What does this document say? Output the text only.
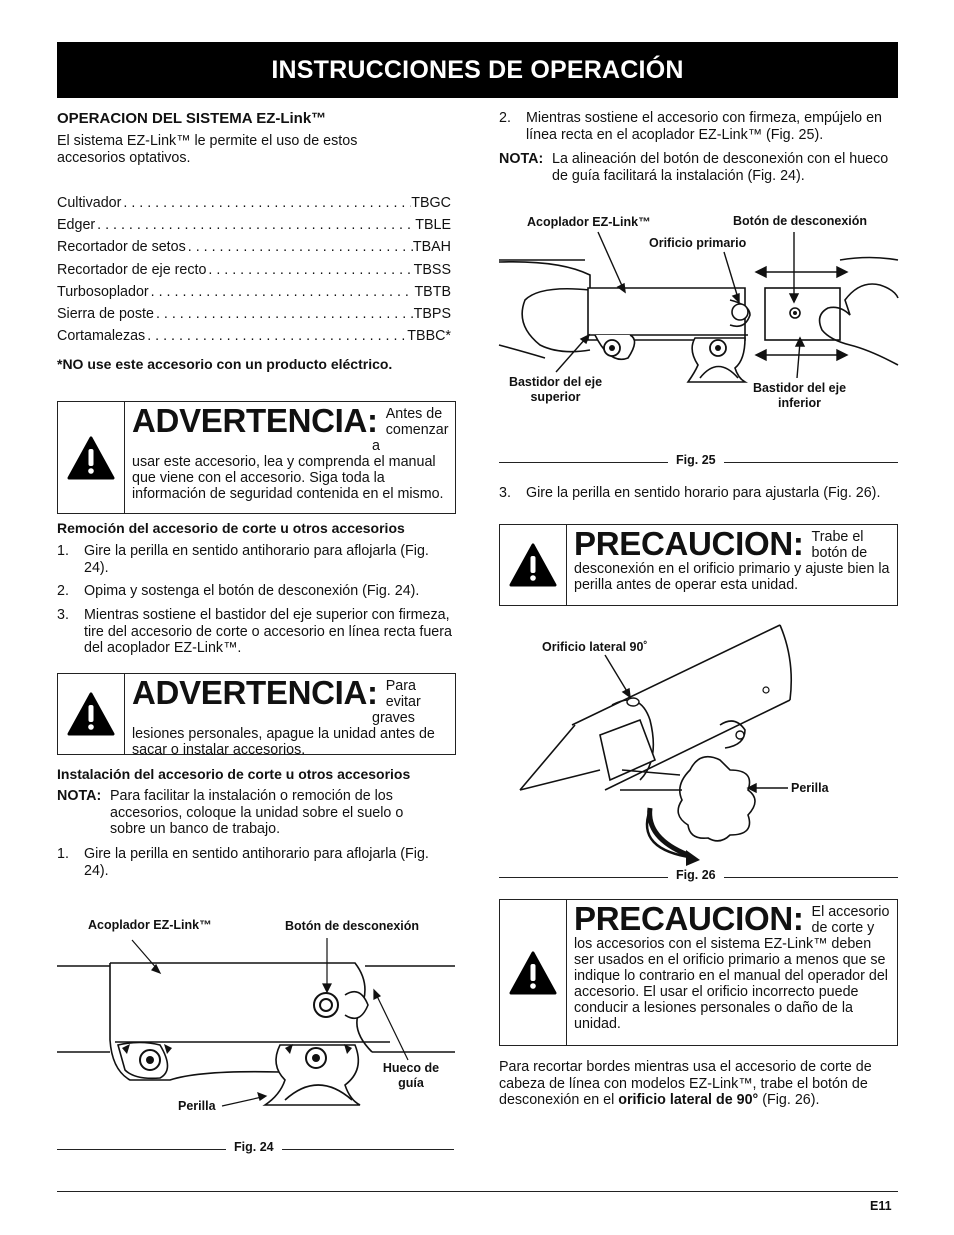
INSTRUCCIONES DE OPERACIÓN
OPERACION DEL SISTEMA EZ-Link™
El sistema EZ-Link™ le permite el uso de estos accesorios optativos.
Cultivador . . .	TBGC
Edger . . .	TBLE
Recortador de setos . . .	TBAH
Recortador de eje recto . . .	TBSS
Turbosoplador . . .	TBTB
Sierra de poste . . .	TBPS
Cortamalezas . . .	TBBC*
*NO use este accesorio con un producto eléctrico.
ADVERTENCIA: Antes de comenzar a
usar este accesorio, lea y comprenda el manual que viene con el accesorio. Siga toda la información de seguridad contenida en el mismo.
Remoción del accesorio de corte u otros accesorios
1. Gire la perilla en sentido antihorario para aflojarla (Fig. 24).
2. Opima y sostenga el botón de desconexión (Fig. 24).
3. Mientras sostiene el bastidor del eje superior con firmeza, tire del accesorio de corte o accesorio en línea recta fuera del acoplador EZ-Link™.
ADVERTENCIA: Para evitar graves
lesiones personales, apague la unidad antes de sacar o instalar accesorios.
Instalación del accesorio de corte u otros accesorios
NOTA: Para facilitar la instalación o remoción de los accesorios, coloque la unidad sobre el suelo o sobre un banco de trabajo.
1. Gire la perilla en sentido antihorario para aflojarla (Fig. 24).
Acoplador EZ-Link™	Botón de desconexión
Hueco de guía
Perilla
Fig. 24
2. Mientras sostiene el accesorio con firmeza, empújelo en línea recta en el acoplador EZ-Link™ (Fig. 25).
NOTA: La alineación del botón de desconexión con el hueco de guía facilitará la instalación (Fig. 24).
Acoplador EZ-Link™	Botón de desconexión
Orificio primario
Bastidor del eje superior
Bastidor del eje inferior
Fig. 25
3. Gire la perilla en sentido horario para ajustarla (Fig. 26).
PRECAUCION: Trabe el botón de
desconexión en el orificio primario y ajuste bien la perilla antes de operar esta unidad.
Orificio lateral 90˚
Perilla
Fig. 26
PRECAUCION: El accesorio de corte y
los accesorios con el sistema EZ-Link™ deben ser usados en el orificio primario a menos que se indique lo contrario en el manual del operador del accesorio. El usar el orificio incorrecto puede conducir a lesiones personales o daño de la unidad.
Para recortar bordes mientras usa el accesorio de corte de cabeza de línea con modelos EZ-Link™, trabe el botón de desconexión en el orificio lateral de 90° (Fig. 26).
E11
